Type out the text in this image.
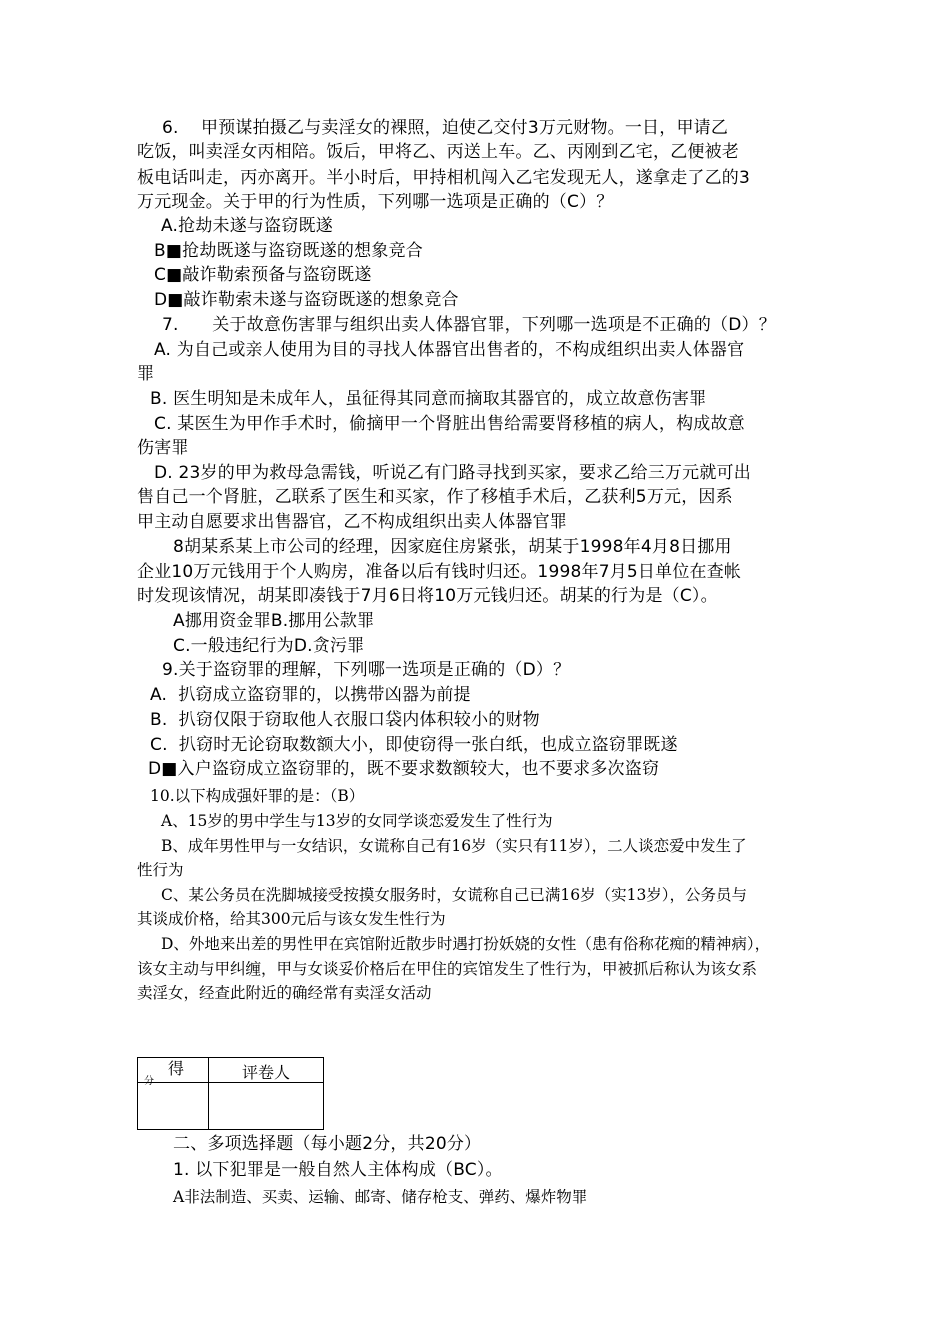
6.    甲预谋拍摄乙与卖淫女的裸照，迫使乙交付3万元财物。一日，甲请乙
吃饭，叫卖淫女丙相陪。饭后，甲将乙、丙送上车。乙、丙刚到乙宅，乙便被老
板电话叫走，丙亦离开。半小时后，甲持相机闯入乙宅发现无人，遂拿走了乙的3
万元现金。关于甲的行为性质，下列哪一选项是正确的（C）？
A.抢劫未遂与盗窃既遂
B■抢劫既遂与盗窃既遂的想象竞合
C■敲诈勒索预备与盗窃既遂
D■敲诈勒索未遂与盗窃既遂的想象竞合
7.      关于故意伤害罪与组织出卖人体器官罪，下列哪一选项是不正确的（D）？
A. 为自己或亲人使用为目的寻找人体器官出售者的，不构成组织出卖人体器官
罪
B. 医生明知是未成年人，虽征得其同意而摘取其器官的，成立故意伤害罪
C. 某医生为甲作手术时，偷摘甲一个肾脏出售给需要肾移植的病人，构成故意
伤害罪
D. 23岁的甲为救母急需钱，听说乙有门路寻找到买家，要求乙给三万元就可出
售自己一个肾脏，乙联系了医生和买家，作了移植手术后，乙获利5万元，因系
甲主动自愿要求出售器官，乙不构成组织出卖人体器官罪
8胡某系某上市公司的经理，因家庭住房紧张，胡某于1998年4月8日挪用
企业10万元钱用于个人购房，准备以后有钱时归还。1998年7月5日单位在查帐
时发现该情况，胡某即凑钱于7月6日将10万元钱归还。胡某的行为是（C）。
A挪用资金罪B.挪用公款罪
C.一般违纪行为D.贪污罪
9.关于盗窃罪的理解，下列哪一选项是正确的（D）？
A.  扒窃成立盗窃罪的，以携带凶器为前提
B.  扒窃仅限于窃取他人衣服口袋内体积较小的财物
C.  扒窃时无论窃取数额大小，即使窃得一张白纸，也成立盗窃罪既遂
D■入户盗窃成立盗窃罪的，既不要求数额较大，也不要求多次盗窃
10.以下构成强奸罪的是：（B）
A、15岁的男中学生与13岁的女同学谈恋爱发生了性行为
B、成年男性甲与一女结识，女谎称自己有16岁（实只有11岁），二人谈恋爱中发生了
性行为
C、某公务员在洗脚城接受按摸女服务时，女谎称自己已满16岁（实13岁），公务员与
其谈成价格，给其300元后与该女发生性行为
D、外地来出差的男性甲在宾馆附近散步时遇打扮妖娆的女性（患有俗称花痴的精神病），
该女主动与甲纠缠，甲与女谈妥价格后在甲住的宾馆发生了性行为，甲被抓后称认为该女系
卖淫女，经查此附近的确经常有卖淫女活动
得
分	评卷人
二、多项选择题（每小题2分，共20分）
1. 以下犯罪是一般自然人主体构成（BC）。
A非法制造、买卖、运输、邮寄、储存枪支、弹药、爆炸物罪
